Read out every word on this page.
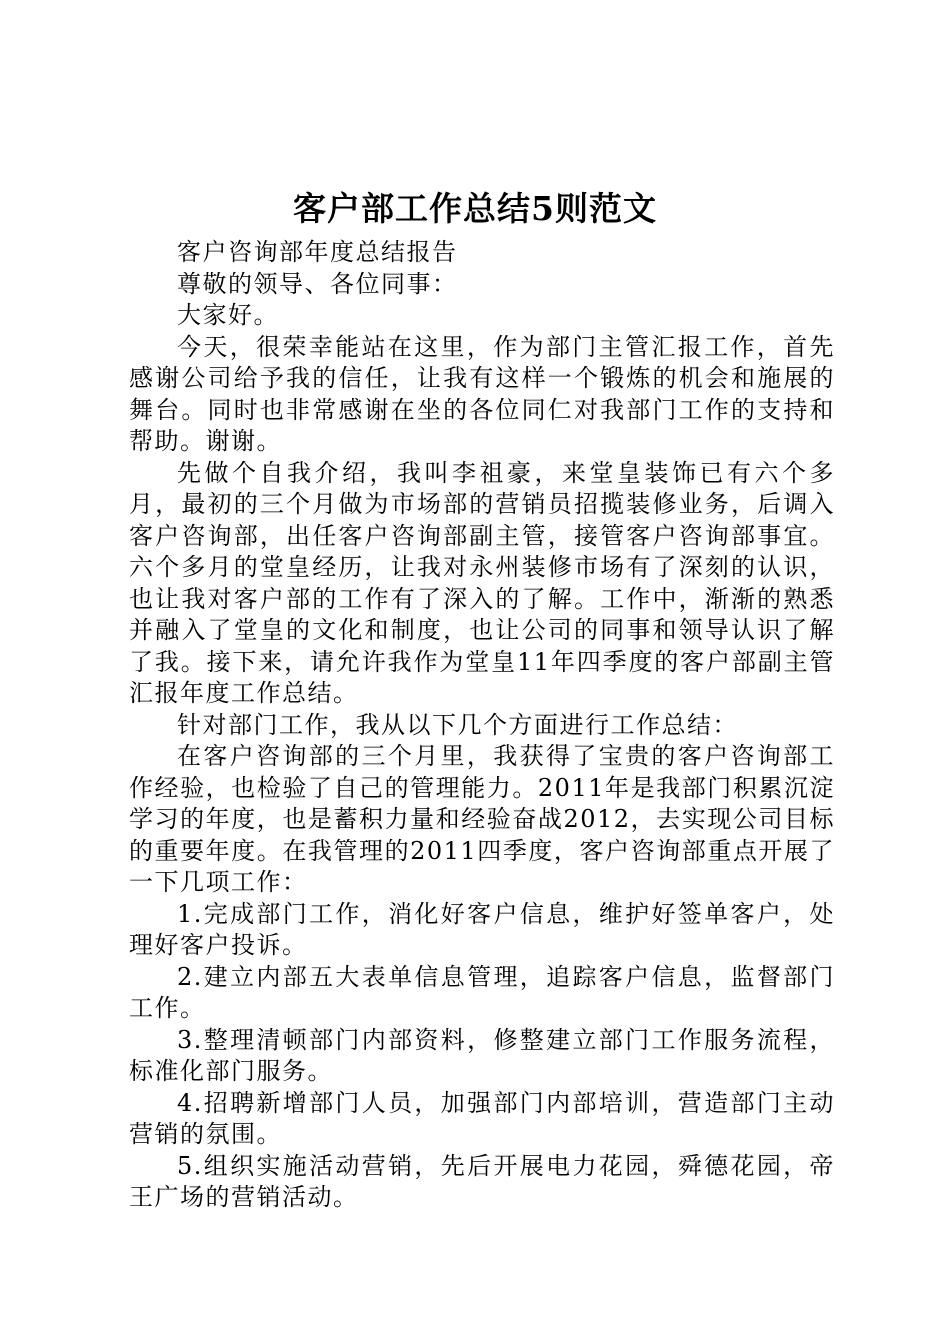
客户部工作总结5则范文

客户咨询部年度总结报告

尊敬的领导、各位同事：

大家好。

今天，很荣幸能站在这里，作为部门主管汇报工作，首先感谢公司给予我的信任，让我有这样一个锻炼的机会和施展的舞台。同时也非常感谢在坐的各位同仁对我部门工作的支持和帮助。谢谢。

先做个自我介绍，我叫李祖豪，来堂皇装饰已有六个多月，最初的三个月做为市场部的营销员招揽装修业务，后调入客户咨询部，出任客户咨询部副主管，接管客户咨询部事宜。六个多月的堂皇经历，让我对永州装修市场有了深刻的认识，也让我对客户部的工作有了深入的了解。工作中，渐渐的熟悉并融入了堂皇的文化和制度，也让公司的同事和领导认识了解了我。接下来，请允许我作为堂皇11年四季度的客户部副主管汇报年度工作总结。

针对部门工作，我从以下几个方面进行工作总结：

在客户咨询部的三个月里，我获得了宝贵的客户咨询部工作经验，也检验了自己的管理能力。2011年是我部门积累沉淀学习的年度，也是蓄积力量和经验奋战2012，去实现公司目标的重要年度。在我管理的2011四季度，客户咨询部重点开展了一下几项工作：

1.完成部门工作，消化好客户信息，维护好签单客户，处理好客户投诉。

2.建立内部五大表单信息管理，追踪客户信息，监督部门工作。

3.整理清顿部门内部资料，修整建立部门工作服务流程，标准化部门服务。

4.招聘新增部门人员，加强部门内部培训，营造部门主动营销的氛围。

5.组织实施活动营销，先后开展电力花园，舜德花园，帝王广场的营销活动。
